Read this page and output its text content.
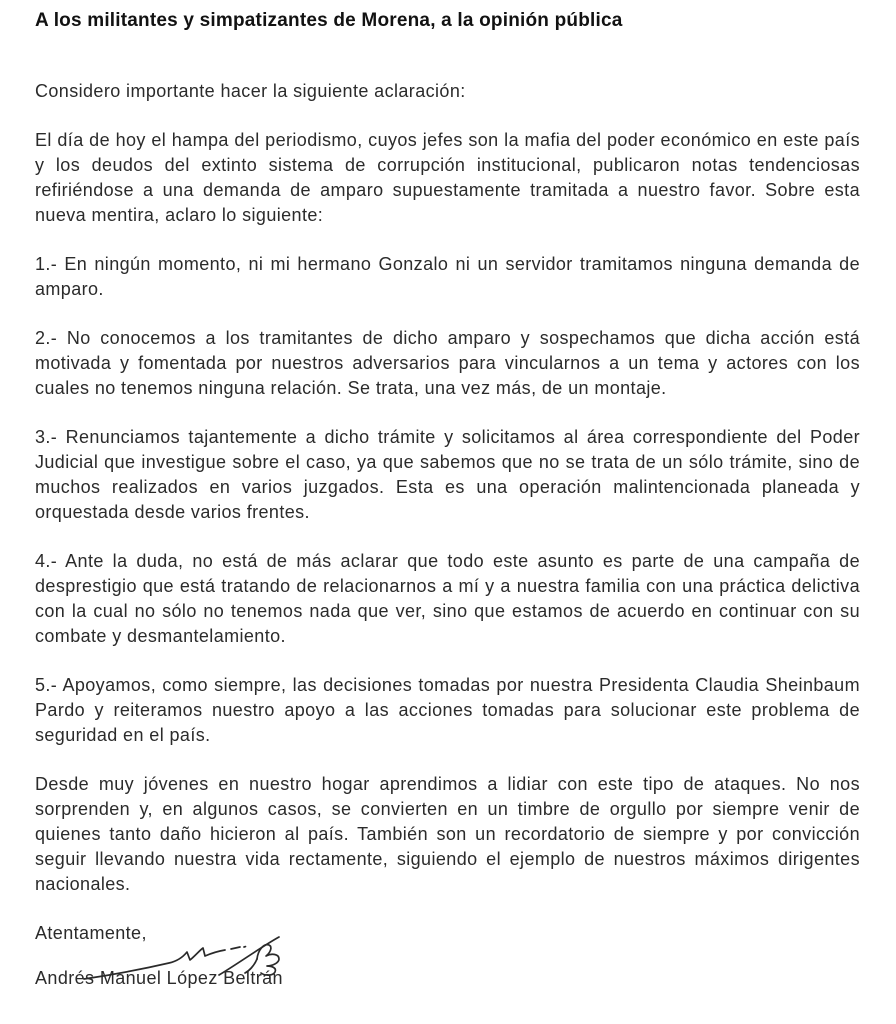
A los militantes y simpatizantes de Morena, a la opinión pública

Considero importante hacer la siguiente aclaración:

El día de hoy el hampa del periodismo, cuyos jefes son la mafia del poder económico en este país y los deudos del extinto sistema de corrupción institucional, publicaron notas tendenciosas refiriéndose a una demanda de amparo supuestamente tramitada a nuestro favor. Sobre esta nueva mentira, aclaro lo siguiente:

1.- En ningún momento, ni mi hermano Gonzalo ni un servidor tramitamos ninguna demanda de amparo.

2.- No conocemos a los tramitantes de dicho amparo y sospechamos que dicha acción está motivada y fomentada por nuestros adversarios para vincularnos a un tema y actores con los cuales no tenemos ninguna relación. Se trata, una vez más, de un montaje.

3.- Renunciamos tajantemente a dicho trámite y solicitamos al área correspondiente del Poder Judicial que investigue sobre el caso, ya que sabemos que no se trata de un sólo trámite, sino de muchos realizados en varios juzgados. Esta es una operación malintencionada planeada y orquestada desde varios frentes.

4.- Ante la duda, no está de más aclarar que todo este asunto es parte de una campaña de desprestigio que está tratando de relacionarnos a mí y a nuestra familia con una práctica delictiva con la cual no sólo no tenemos nada que ver, sino que estamos de acuerdo en continuar con su combate y desmantelamiento.

5.- Apoyamos, como siempre, las decisiones tomadas por nuestra Presidenta Claudia Sheinbaum Pardo y reiteramos nuestro apoyo a las acciones tomadas para solucionar este problema de seguridad en el país.

Desde muy jóvenes en nuestro hogar aprendimos a lidiar con este tipo de ataques. No nos sorprenden y, en algunos casos, se convierten en un timbre de orgullo por siempre venir de quienes tanto daño hicieron al país. También son un recordatorio de siempre y por convicción seguir llevando nuestra vida rectamente, siguiendo el ejemplo de nuestros máximos dirigentes nacionales.

Atentamente,

Andrés Manuel López Beltrán
